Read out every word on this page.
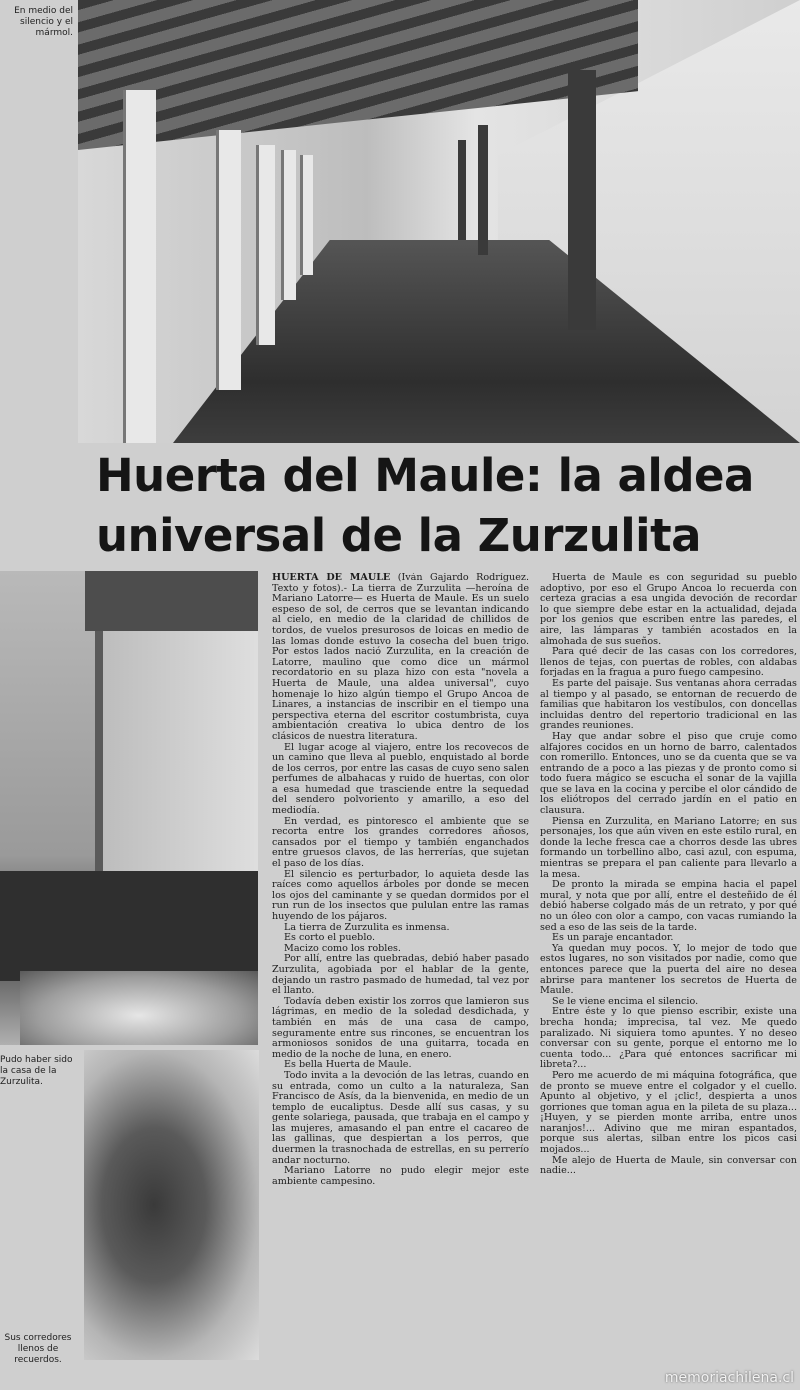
En medio del silencio y el mármol.
Huerta del Maule: la aldea universal de la Zurzulita
Pudo haber sido la casa de la Zurzulita.
Sus corredores llenos de recuerdos.

HUERTA DE MAULE (Iván Gajardo Rodríguez. Texto y fotos).- La tierra de Zurzulita —heroína de Mariano Latorre— es Huerta de Maule. Es un suelo espeso de sol, de cerros que se levantan indicando al cielo, en medio de la claridad de chillidos de tordos, de vuelos presurosos de loicas en medio de las lomas donde estuvo la cosecha del buen trigo. Por estos lados nació Zurzulita, en la creación de Latorre, maulino que como dice un mármol recordatorio en su plaza hizo con esta "novela a Huerta de Maule, una aldea universal", cuyo homenaje lo hizo algún tiempo el Grupo Ancoa de Linares, a instancias de inscribir en el tiempo una perspectiva eterna del escritor costumbrista, cuya ambientación creativa lo ubica dentro de los clásicos de nuestra literatura.

El lugar acoge al viajero, entre los recovecos de un camino que lleva al pueblo, enquistado al borde de los cerros, por entre las casas de cuyo seno salen perfumes de albahacas y ruido de huertas, con olor a esa humedad que trasciende entre la sequedad del sendero polvoriento y amarillo, a eso del mediodía.

En verdad, es pintoresco el ambiente que se recorta entre los grandes corredores añosos, cansados por el tiempo y también enganchados entre gruesos clavos, de las herrerías, que sujetan el paso de los días.

El silencio es perturbador, lo aquieta desde las raíces como aquellos árboles por donde se mecen los ojos del caminante y se quedan dormidos por el run run de los insectos que pululan entre las ramas huyendo de los pájaros.

La tierra de Zurzulita es inmensa.

Es corto el pueblo.

Macizo como los robles.

Por allí, entre las quebradas, debió haber pasado Zurzulita, agobiada por el hablar de la gente, dejando un rastro pasmado de humedad, tal vez por el llanto.

Todavía deben existir los zorros que lamieron sus lágrimas, en medio de la soledad desdichada, y también en más de una casa de campo, seguramente entre sus rincones, se encuentran los armoniosos sonidos de una guitarra, tocada en medio de la noche de luna, en enero.

Es bella Huerta de Maule.

Todo invita a la devoción de las letras, cuando en su entrada, como un culto a la naturaleza, San Francisco de Asís, da la bienvenida, en medio de un templo de eucaliptus. Desde allí sus casas, y su gente solariega, pausada, que trabaja en el campo y las mujeres, amasando el pan entre el cacareo de las gallinas, que despiertan a los perros, que duermen la trasnochada de estrellas, en su perrerío andar nocturno.

Mariano Latorre no pudo elegir mejor este ambiente campesino.

Huerta de Maule es con seguridad su pueblo adoptivo, por eso el Grupo Ancoa lo recuerda con certeza gracias a esa ungida devoción de recordar lo que siempre debe estar en la actualidad, dejada por los genios que escriben entre las paredes, el aire, las lámparas y también acostados en la almohada de sus sueños.

Para qué decir de las casas con los corredores, llenos de tejas, con puertas de robles, con aldabas forjadas en la fragua a puro fuego campesino.

Es parte del paisaje. Sus ventanas ahora cerradas al tiempo y al pasado, se entornan de recuerdo de familias que habitaron los vestíbulos, con doncellas incluidas dentro del repertorio tradicional en las grandes reuniones.

Hay que andar sobre el piso que cruje como alfajores cocidos en un horno de barro, calentados con romerillo. Entonces, uno se da cuenta que se va entrando de a poco a las piezas y de pronto como si todo fuera mágico se escucha el sonar de la vajilla que se lava en la cocina y percibe el olor cándido de los eliótropos del cerrado jardín en el patio en clausura.

Piensa en Zurzulita, en Mariano Latorre; en sus personajes, los que aún viven en este estilo rural, en donde la leche fresca cae a chorros desde las ubres formando un torbellino albo, casi azul, con espuma, mientras se prepara el pan caliente para llevarlo a la mesa.

De pronto la mirada se empina hacia el papel mural, y nota que por allí, entre el desteñido de él debió haberse colgado más de un retrato, y por qué no un óleo con olor a campo, con vacas rumiando la sed a eso de las seis de la tarde.

Es un paraje encantador.

Ya quedan muy pocos. Y, lo mejor de todo que estos lugares, no son visitados por nadie, como que entonces parece que la puerta del aire no desea abrirse para mantener los secretos de Huerta de Maule.

Se le viene encima el silencio.

Entre éste y lo que pienso escribir, existe una brecha honda; imprecisa, tal vez. Me quedo paralizado. Ni siquiera tomo apuntes. Y no deseo conversar con su gente, porque el entorno me lo cuenta todo... ¿Para qué entonces sacrificar mi libreta?...

Pero me acuerdo de mi máquina fotográfica, que de pronto se mueve entre el colgador y el cuello. Apunto al objetivo, y el ¡clic!, despierta a unos gorriones que toman agua en la pileta de su plaza... ¡Huyen, y se pierden monte arriba, entre unos naranjos!... Adivino que me miran espantados, porque sus alertas, silban entre los picos casi mojados...

Me alejo de Huerta de Maule, sin conversar con nadie...

memoriachilena.cl
